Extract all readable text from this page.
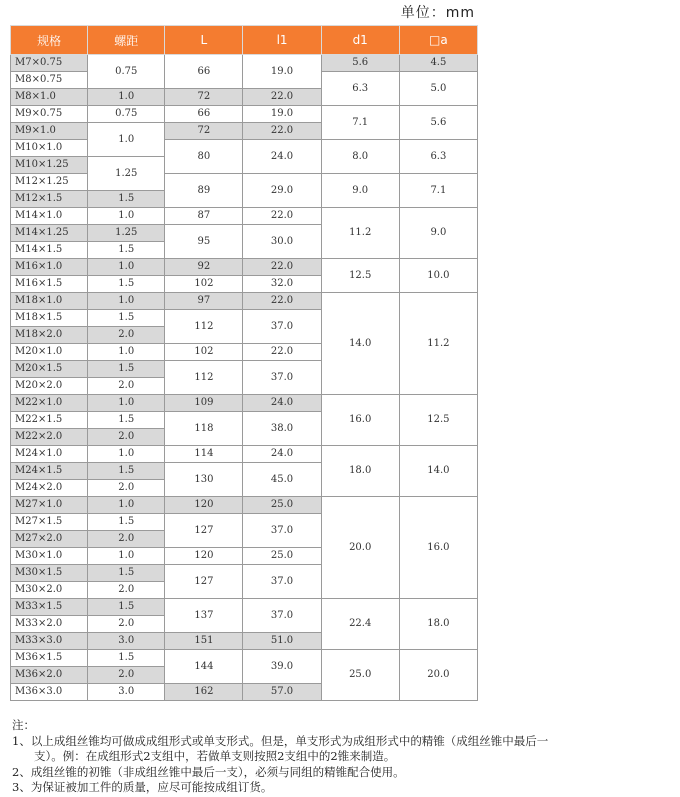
单位：mm
规格	螺距	L	l1	d1	□a
M7×0.75	0.75	66	19.0	5.6	4.5
M8×0.75				6.3	5.0
M8×1.0	1.0	72	22.0		
M9×0.75	0.75	66	19.0	7.1	5.6
M9×1.0	1.0	72	22.0		
M10×1.0		80	24.0	8.0	6.3
M10×1.25	1.25				
M12×1.25		89	29.0	9.0	7.1
M12×1.5	1.5				
M14×1.0	1.0	87	22.0	11.2	9.0
M14×1.25	1.25	95	30.0		
M14×1.5	1.5				
M16×1.0	1.0	92	22.0	12.5	10.0
M16×1.5	1.5	102	32.0		
M18×1.0	1.0	97	22.0	14.0	11.2
M18×1.5	1.5	112	37.0		
M18×2.0	2.0				
M20×1.0	1.0	102	22.0		
M20×1.5	1.5	112	37.0		
M20×2.0	2.0				
M22×1.0	1.0	109	24.0	16.0	12.5
M22×1.5	1.5	118	38.0		
M22×2.0	2.0				
M24×1.0	1.0	114	24.0	18.0	14.0
M24×1.5	1.5	130	45.0		
M24×2.0	2.0				
M27×1.0	1.0	120	25.0	20.0	16.0
M27×1.5	1.5	127	37.0		
M27×2.0	2.0				
M30×1.0	1.0	120	25.0		
M30×1.5	1.5	127	37.0		
M30×2.0	2.0				
M33×1.5	1.5	137	37.0	22.4	18.0
M33×2.0	2.0				
M33×3.0	3.0	151	51.0		
M36×1.5	1.5	144	39.0	25.0	20.0
M36×2.0	2.0				
M36×3.0	3.0	162	57.0		

注：

1、以上成组丝锥均可做成成组形式或单支形式。但是，单支形式为成组形式中的精锥（成组丝锥中最后一

支）。例：在成组形式2支组中，若做单支则按照2支组中的2锥来制造。

2、成组丝锥的初锥（非成组丝锥中最后一支），必须与同组的精锥配合使用。

3、为保证被加工件的质量，应尽可能按成组订货。
